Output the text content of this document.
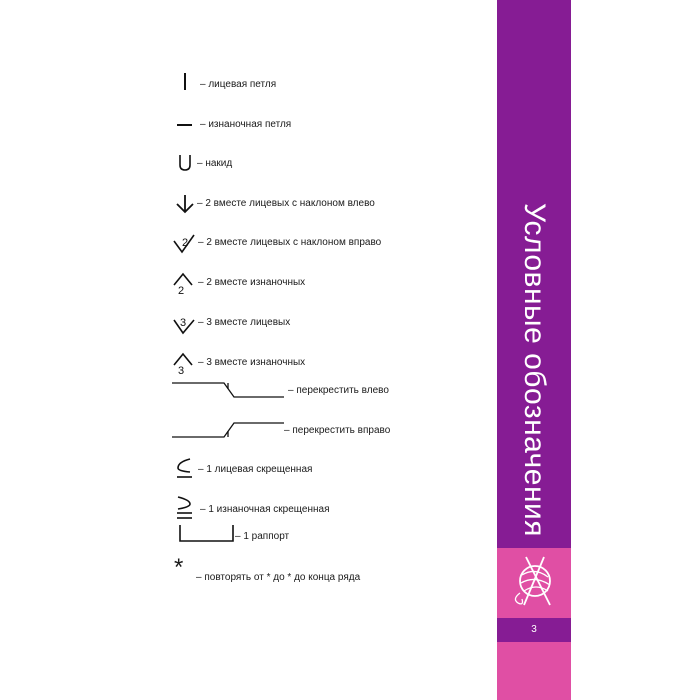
– лицевая петля
– изнаночная петля
– накид
– 2 вместе лицевых с наклоном влево
2 – 2 вместе лицевых с наклоном вправо
2
– 2 вместе изнаночных
3 – 3 вместе лицевых
3
– 3 вместе изнаночных
– перекрестить влево
– перекрестить вправо
– 1 лицевая скрещенная
– 1 изнаночная скрещенная
– 1 раппорт
* – повторять от * до * до конца ряда
Условные обозначения
3
